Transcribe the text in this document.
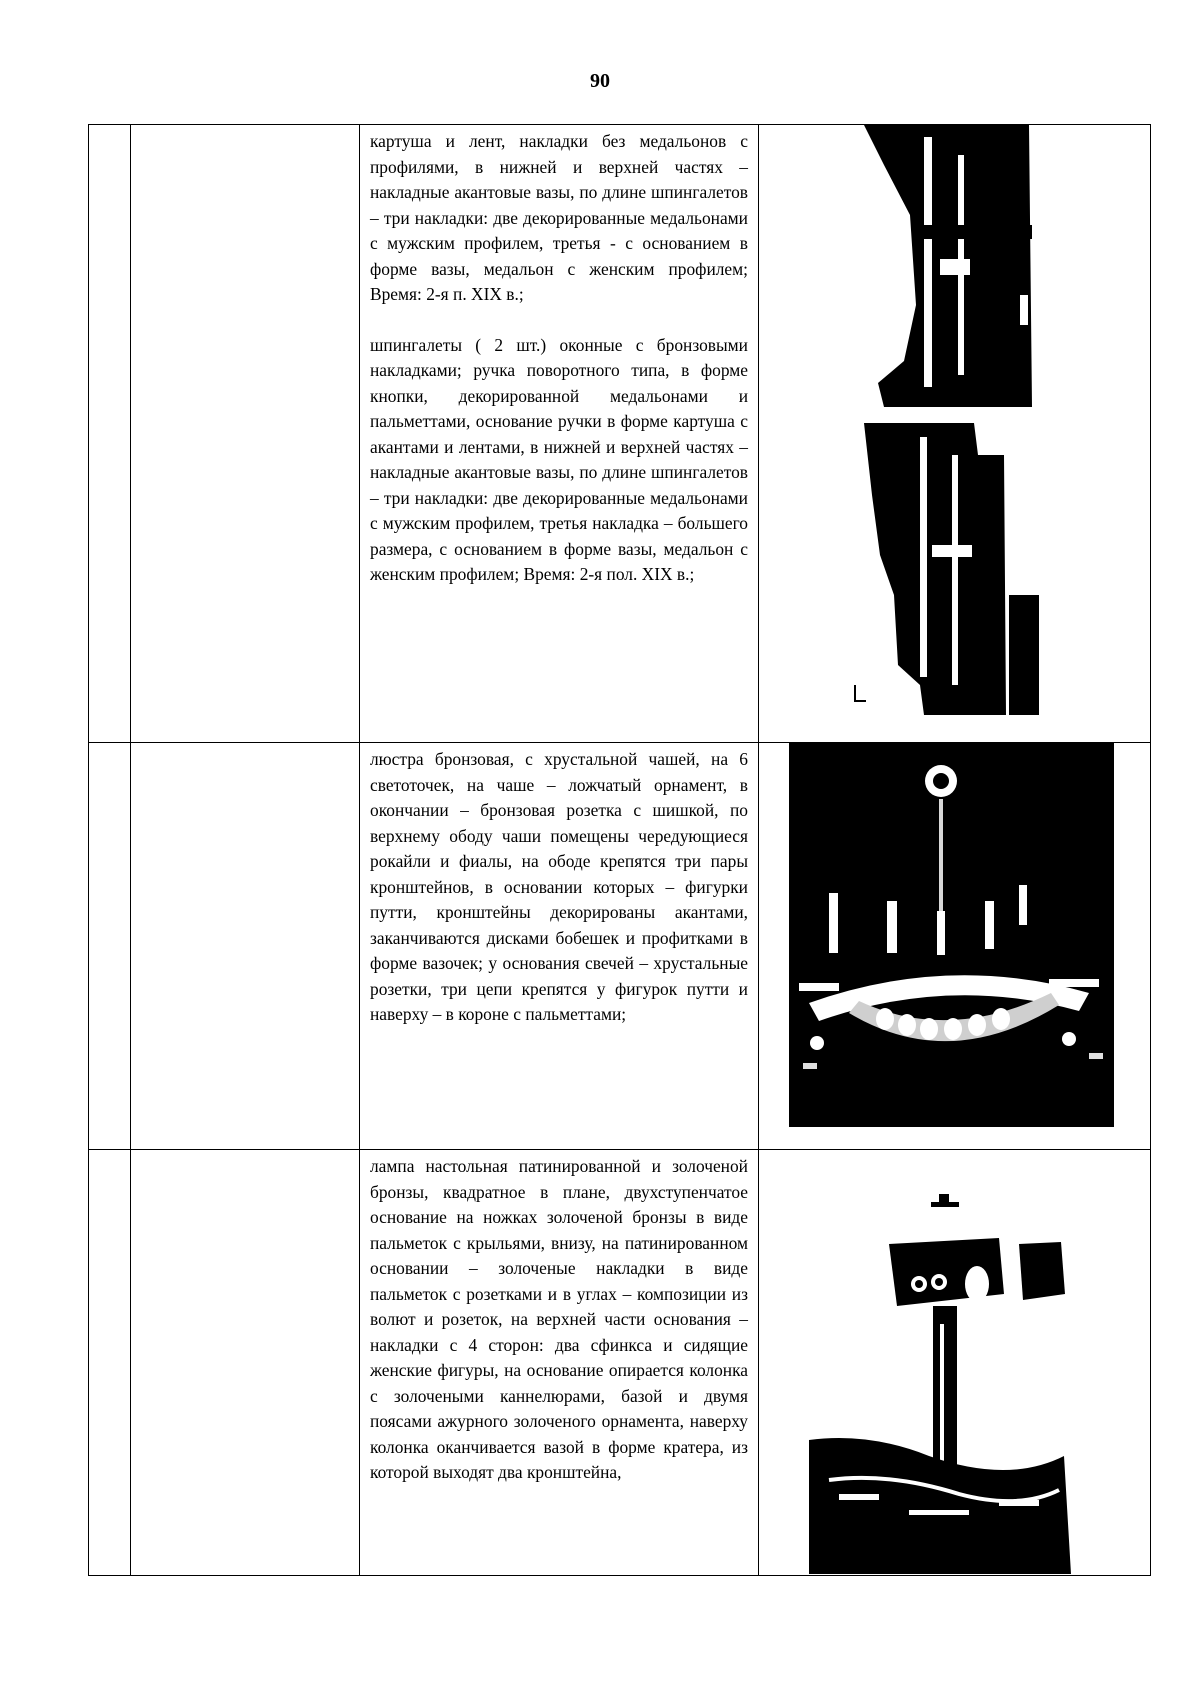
90

		картуша и лент, накладки без медальонов с профилями, в нижней и верхней частях – накладные акантовые вазы, по длине шпингалетов – три накладки: две декорированные медальонами с мужским профилем, третья - с основанием в форме вазы, медальон с женским профилем; Время: 2-я п. XIX в.;

шпингалеты ( 2 шт.) оконные с бронзовыми накладками; ручка поворотного типа, в форме кнопки, декорированной медальонами и пальметтами, основание ручки в форме картуша с акантами и лентами, в нижней и верхней частях – накладные акантовые вазы, по длине шпингалетов – три накладки: две декорированные медальонами с мужским профилем, третья накладка – большего размера, с основанием в форме вазы, медальон с женским профилем; Время: 2-я пол. XIX в.;

		люстра бронзовая, с хрустальной чашей, на 6 светоточек, на чаше – ложчатый орнамент, в окончании – бронзовая розетка с шишкой, по верхнему ободу чаши помещены чередующиеся рокайли и фиалы, на ободе крепятся три пары кронштейнов, в основании которых – фигурки путти, кронштейны декорированы акантами, заканчиваются дисками бобешек и профитками в форме вазочек; у основания свечей – хрустальные розетки, три цепи крепятся у фигурок путти и наверху – в короне с пальметтами;

		лампа настольная патинированной и золоченой бронзы, квадратное в плане, двухступенчатое основание на ножках золоченой бронзы в виде пальметок с крыльями, внизу, на патинированном основании – золоченые накладки в виде пальметок с розетками и в углах – композиции из волют и розеток, на верхней части основания – накладки с 4 сторон: два сфинкса и сидящие женские фигуры, на основание опирается колонка с золочеными каннелюрами, базой и двумя поясами ажурного золоченого орнамента, наверху колонка оканчивается вазой в форме кратера, из которой выходят два кронштейна,
